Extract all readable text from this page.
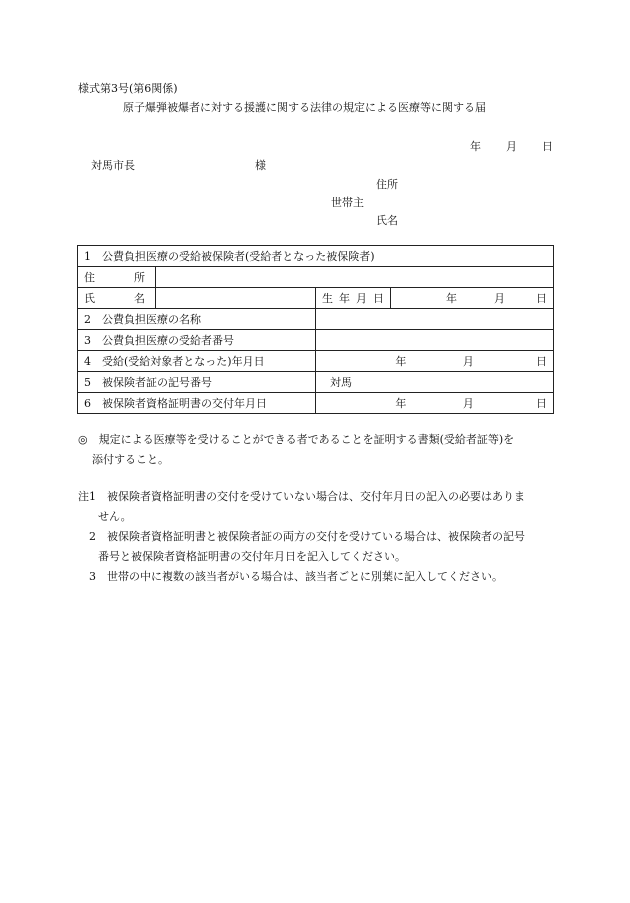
様式第3号(第6関係)
原子爆弾被爆者に対する援護に関する法律の規定による医療等に関する届
年 月 日
対馬市長	様
住所
世帯主
氏名
1　公費負担医療の受給被保険者(受給者となった被保険者)			

住 所			

氏 名		生 年 月 日	年 月 日

2　公費負担医療の名称			
3　公費負担医療の受給者番号			
4　受給(受給対象者となった)年月日		年 月 日	

5　被保険者証の記号番号		対馬	
6　被保険者資格証明書の交付年月日		年 月 日	
◎　規定による医療等を受けることができる者であることを証明する書類(受給者証等)を
添付すること。
注1　被保険者資格証明書の交付を受けていない場合は、交付年月日の記入の必要はありま
せん。
2　被保険者資格証明書と被保険者証の両方の交付を受けている場合は、被保険者の記号
番号と被保険者資格証明書の交付年月日を記入してください。
3　世帯の中に複数の該当者がいる場合は、該当者ごとに別葉に記入してください。
